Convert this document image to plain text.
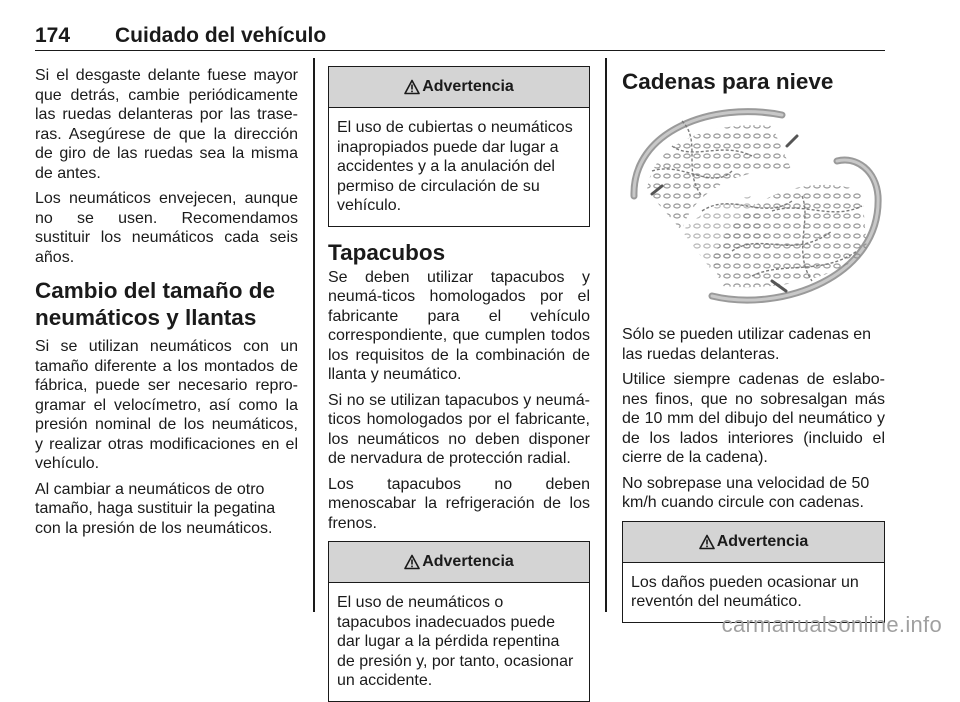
174 Cuidado del vehículo

Si el desgaste delante fuese mayor que detrás, cambie periódicamente las ruedas delanteras por las trase-ras. Asegúrese de que la dirección de giro de las ruedas sea la misma de antes.

Los neumáticos envejecen, aunque no se usen. Recomendamos sustituir los neumáticos cada seis años.

Cambio del tamaño de neumáticos y llantas

Si se utilizan neumáticos con un tamaño diferente a los montados de fábrica, puede ser necesario repro-gramar el velocímetro, así como la presión nominal de los neumáticos, y realizar otras modificaciones en el vehículo.

Al cambiar a neumáticos de otro tamaño, haga sustituir la pegatina con la presión de los neumáticos.

Advertencia
El uso de cubiertas o neumáticos inapropiados puede dar lugar a accidentes y a la anulación del permiso de circulación de su vehículo.
Tapacubos

Se deben utilizar tapacubos y neumá-ticos homologados por el fabricante para el vehículo correspondiente, que cumplen todos los requisitos de la combinación de llanta y neumático.

Si no se utilizan tapacubos y neumá-ticos homologados por el fabricante, los neumáticos no deben disponer de nervadura de protección radial.

Los tapacubos no deben menoscabar la refrigeración de los frenos.

Advertencia
El uso de neumáticos o tapacubos inadecuados puede dar lugar a la pérdida repentina de presión y, por tanto, ocasionar un accidente.
Cadenas para nieve

Sólo se pueden utilizar cadenas en las ruedas delanteras.

Utilice siempre cadenas de eslabo-nes finos, que no sobresalgan más de 10 mm del dibujo del neumático y de los lados interiores (incluido el cierre de la cadena).

No sobrepase una velocidad de 50 km/h cuando circule con cadenas.

Advertencia
Los daños pueden ocasionar un reventón del neumático.
carmanualsonline.info
